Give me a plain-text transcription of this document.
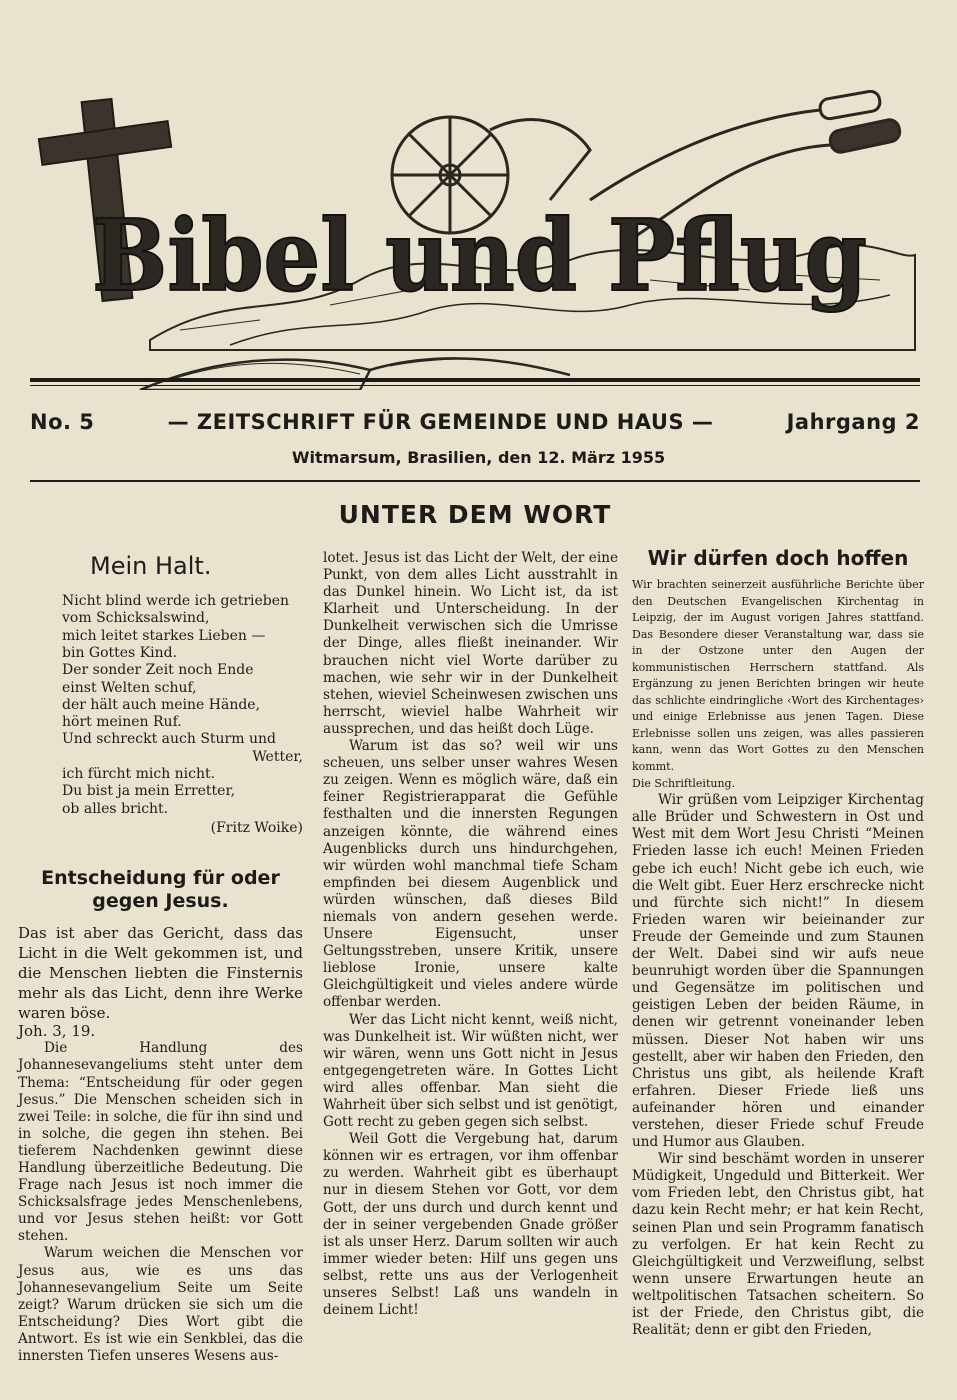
Bibel und Pflug
No. 5	— ZEITSCHRIFT FÜR GEMEINDE UND HAUS —	Jahrgang 2
Witmarsum, Brasilien, den 12. März 1955
UNTER DEM WORT
Mein Halt.
Nicht blind werde ich getrieben
vom Schicksalswind,
mich leitet starkes Lieben —
bin Gottes Kind.
Der sonder Zeit noch Ende
einst Welten schuf,
der hält auch meine Hände,
hört meinen Ruf.
Und schreckt auch Sturm und
Wetter,
ich fürcht mich nicht.
Du bist ja mein Erretter,
ob alles bricht.
(Fritz Woike)
Entscheidung für oder
gegen Jesus.

Das ist aber das Gericht, dass das Licht in die Welt gekommen ist, und die Menschen liebten die Finsternis mehr als das Licht, denn ihre Werke waren böse.

Joh. 3, 19.

Die Handlung des Johannesevangeliums steht unter dem Thema: “Entscheidung für oder gegen Jesus.” Die Menschen scheiden sich in zwei Teile: in solche, die für ihn sind und in solche, die gegen ihn stehen. Bei tieferem Nachdenken gewinnt diese Handlung überzeitliche Bedeutung. Die Frage nach Jesus ist noch immer die Schicksalsfrage jedes Menschenlebens, und vor Jesus stehen heißt: vor Gott stehen.

Warum weichen die Menschen vor Jesus aus, wie es uns das Johannesevangelium Seite um Seite zeigt? Warum drücken sie sich um die Entscheidung? Dies Wort gibt die Antwort. Es ist wie ein Senkblei, das die innersten Tiefen unseres Wesens aus-

lotet. Jesus ist das Licht der Welt, der eine Punkt, von dem alles Licht ausstrahlt in das Dunkel hinein. Wo Licht ist, da ist Klarheit und Unterscheidung. In der Dunkelheit verwischen sich die Umrisse der Dinge, alles fließt ineinander. Wir brauchen nicht viel Worte darüber zu machen, wie sehr wir in der Dunkelheit stehen, wieviel Scheinwesen zwischen uns herrscht, wieviel halbe Wahrheit wir aussprechen, und das heißt doch Lüge.

Warum ist das so? weil wir uns scheuen, uns selber unser wahres Wesen zu zeigen. Wenn es möglich wäre, daß ein feiner Registrierapparat die Gefühle festhalten und die innersten Regungen anzeigen könnte, die während eines Augenblicks durch uns hindurchgehen, wir würden wohl manchmal tiefe Scham empfinden bei diesem Augenblick und würden wünschen, daß dieses Bild niemals von andern gesehen werde. Unsere Eigensucht, unser Geltungsstreben, unsere Kritik, unsere lieblose Ironie, unsere kalte Gleichgültigkeit und vieles andere würde offenbar werden.

Wer das Licht nicht kennt, weiß nicht, was Dunkelheit ist. Wir wüßten nicht, wer wir wären, wenn uns Gott nicht in Jesus entgegengetreten wäre. In Gottes Licht wird alles offenbar. Man sieht die Wahrheit über sich selbst und ist genötigt, Gott recht zu geben gegen sich selbst.

Weil Gott die Vergebung hat, darum können wir es ertragen, vor ihm offenbar zu werden. Wahrheit gibt es überhaupt nur in diesem Stehen vor Gott, vor dem Gott, der uns durch und durch kennt und der in seiner vergebenden Gnade größer ist als unser Herz. Darum sollten wir auch immer wieder beten: Hilf uns gegen uns selbst, rette uns aus der Verlogenheit unseres Selbst! Laß uns wandeln in deinem Licht!

Wir dürfen doch hoffen

Wir brachten seinerzeit ausführliche Berichte über den Deutschen Evangelischen Kirchentag in Leipzig, der im August vorigen Jahres stattfand. Das Besondere dieser Veranstaltung war, dass sie in der Ostzone unter den Augen der kommunistischen Herrschern stattfand. Als Ergänzung zu jenen Berichten bringen wir heute das schlichte eindringliche ‹Wort des Kirchentages› und einige Erlebnisse aus jenen Tagen. Diese Erlebnisse sollen uns zeigen, was alles passieren kann, wenn das Wort Gottes zu den Menschen kommt.

Die Schriftleitung.

Wir grüßen vom Leipziger Kirchentag alle Brüder und Schwestern in Ost und West mit dem Wort Jesu Christi “Meinen Frieden lasse ich euch! Meinen Frieden gebe ich euch! Nicht gebe ich euch, wie die Welt gibt. Euer Herz erschrecke nicht und fürchte sich nicht!” In diesem Frieden waren wir beieinander zur Freude der Gemeinde und zum Staunen der Welt. Dabei sind wir aufs neue beunruhigt worden über die Spannungen und Gegensätze im politischen und geistigen Leben der beiden Räume, in denen wir getrennt voneinander leben müssen. Dieser Not haben wir uns gestellt, aber wir haben den Frieden, den Christus uns gibt, als heilende Kraft erfahren. Dieser Friede ließ uns aufeinander hören und einander verstehen, dieser Friede schuf Freude und Humor aus Glauben.

Wir sind beschämt worden in unserer Müdigkeit, Ungeduld und Bitterkeit. Wer vom Frieden lebt, den Christus gibt, hat dazu kein Recht mehr; er hat kein Recht, seinen Plan und sein Programm fanatisch zu verfolgen. Er hat kein Recht zu Gleichgültigkeit und Verzweiflung, selbst wenn unsere Erwartungen heute an weltpolitischen Tatsachen scheitern. So ist der Friede, den Christus gibt, die Realität; denn er gibt den Frieden,
